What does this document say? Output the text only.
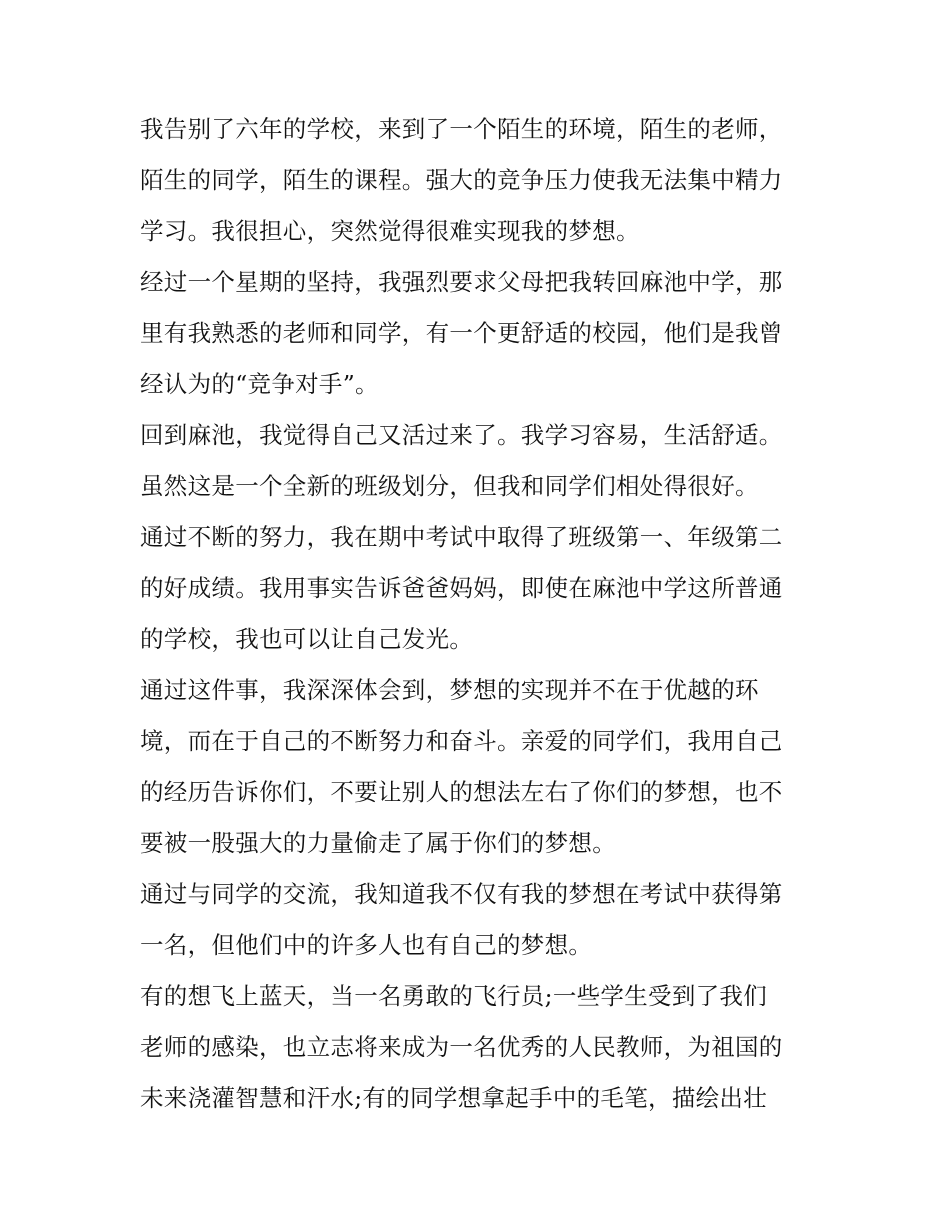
我告别了六年的学校，来到了一个陌生的环境，陌生的老师，
陌生的同学，陌生的课程。强大的竞争压力使我无法集中精力
学习。我很担心，突然觉得很难实现我的梦想。
经过一个星期的坚持，我强烈要求父母把我转回麻池中学，那
里有我熟悉的老师和同学，有一个更舒适的校园，他们是我曾
经认为的“竞争对手”。
回到麻池，我觉得自己又活过来了。我学习容易，生活舒适。
虽然这是一个全新的班级划分，但我和同学们相处得很好。
通过不断的努力，我在期中考试中取得了班级第一、年级第二
的好成绩。我用事实告诉爸爸妈妈，即使在麻池中学这所普通
的学校，我也可以让自己发光。
通过这件事，我深深体会到，梦想的实现并不在于优越的环
境，而在于自己的不断努力和奋斗。亲爱的同学们，我用自己
的经历告诉你们，不要让别人的想法左右了你们的梦想，也不
要被一股强大的力量偷走了属于你们的梦想。
通过与同学的交流，我知道我不仅有我的梦想在考试中获得第
一名，但他们中的许多人也有自己的梦想。
有的想飞上蓝天，当一名勇敢的飞行员;一些学生受到了我们
老师的感染，也立志将来成为一名优秀的人民教师，为祖国的
未来浇灌智慧和汗水;有的同学想拿起手中的毛笔，描绘出壮
